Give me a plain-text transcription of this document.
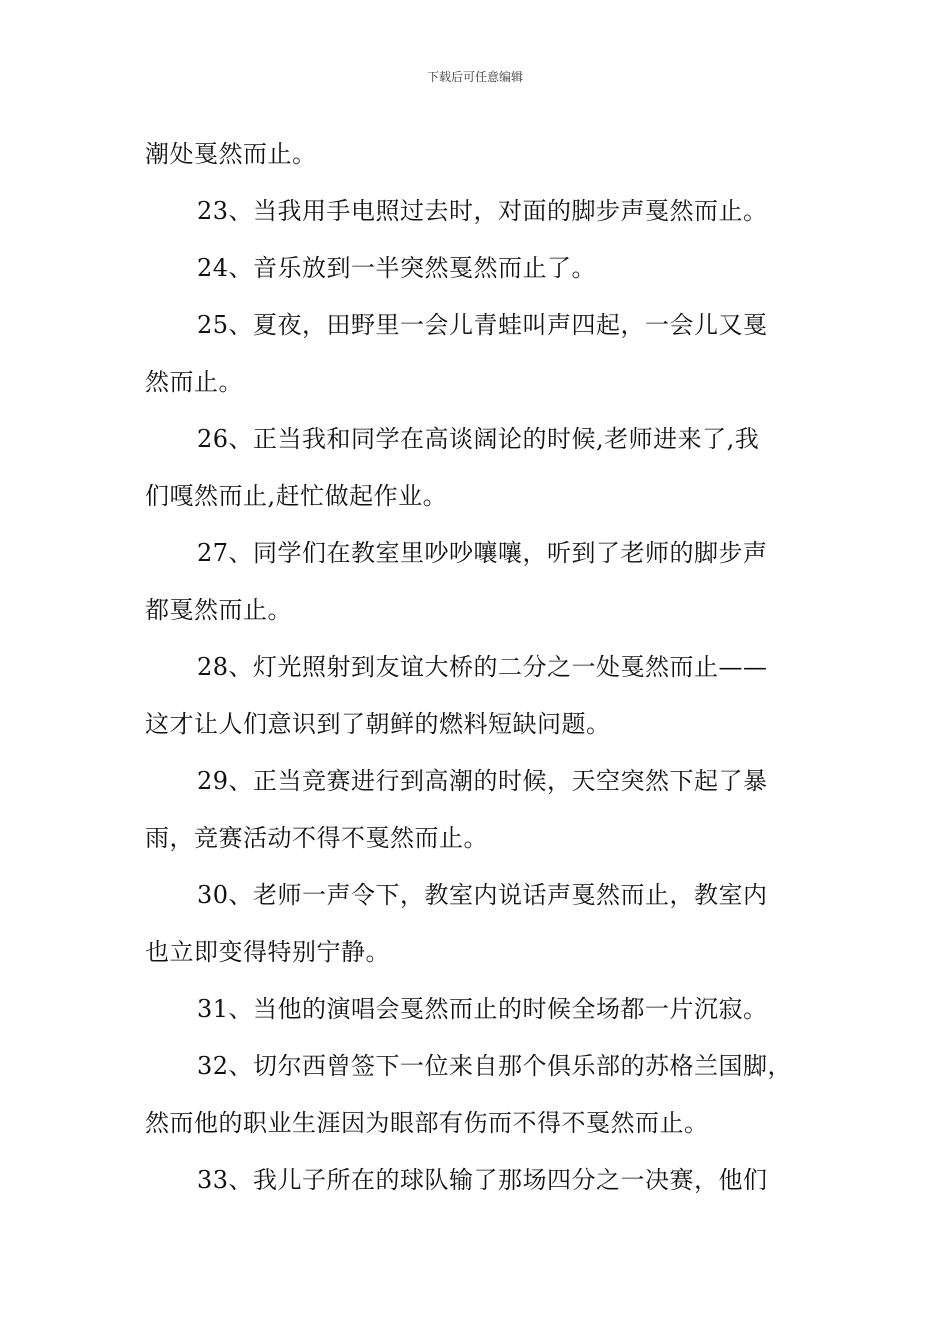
下载后可任意编辑
潮处戛然而止。
23、当我用手电照过去时，对面的脚步声戛然而止。
24、音乐放到一半突然戛然而止了。
25、夏夜，田野里一会儿青蛙叫声四起，一会儿又戛
然而止。
26、正当我和同学在高谈阔论的时候,老师进来了,我
们嘎然而止,赶忙做起作业。
27、同学们在教室里吵吵嚷嚷，听到了老师的脚步声
都戛然而止。
28、灯光照射到友谊大桥的二分之一处戛然而止——
这才让人们意识到了朝鲜的燃料短缺问题。
29、正当竞赛进行到高潮的时候，天空突然下起了暴
雨，竞赛活动不得不戛然而止。
30、老师一声令下，教室内说话声戛然而止，教室内
也立即变得特别宁静。
31、当他的演唱会戛然而止的时候全场都一片沉寂。
32、切尔西曾签下一位来自那个俱乐部的苏格兰国脚，
然而他的职业生涯因为眼部有伤而不得不戛然而止。
33、我儿子所在的球队输了那场四分之一决赛，他们
